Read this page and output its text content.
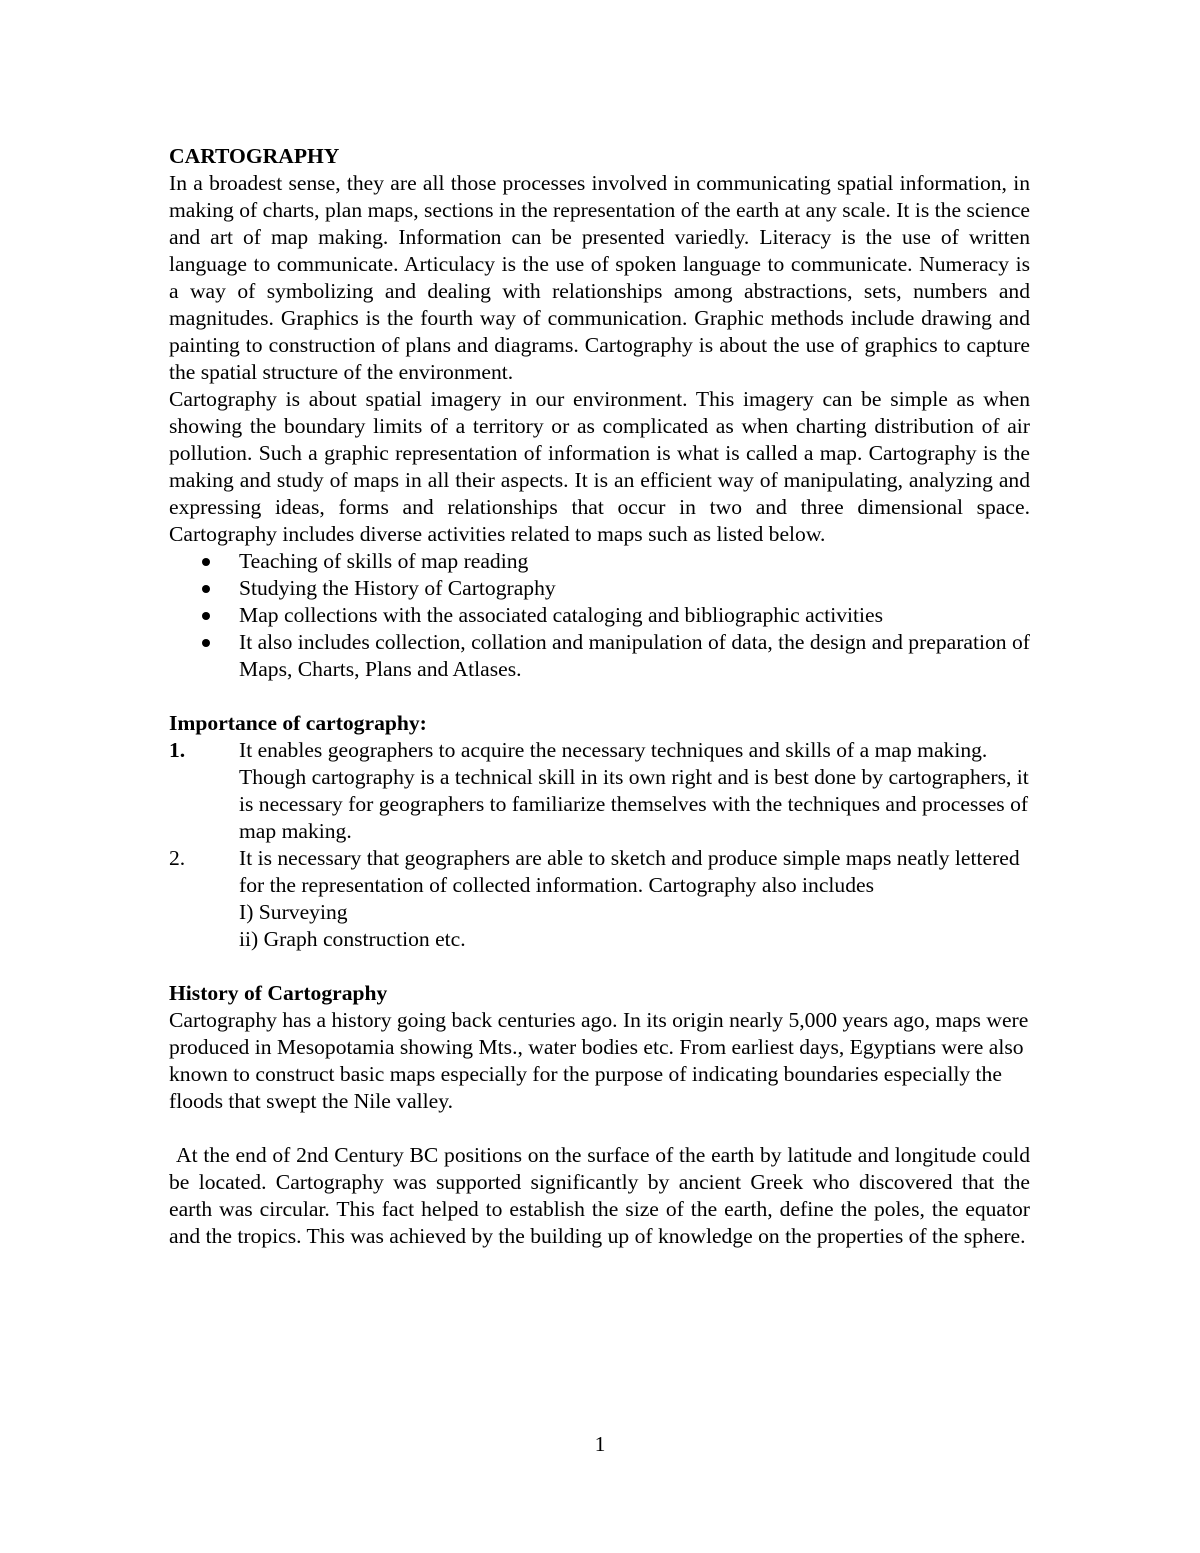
CARTOGRAPHY

In a broadest sense, they are all those processes involved in communicating spatial information, in making of charts, plan maps, sections in the representation of the earth at any scale. It is the science and art of map making. Information can be presented variedly. Literacy is the use of written language to communicate. Articulacy is the use of spoken language to communicate. Numeracy is a way of symbolizing and dealing with relationships among abstractions, sets, numbers and magnitudes. Graphics is the fourth way of communication. Graphic methods include drawing and painting to construction of plans and diagrams. Cartography is about the use of graphics to capture the spatial structure of the environment.

Cartography is about spatial imagery in our environment. This imagery can be simple as when showing the boundary limits of a territory or as complicated as when charting distribution of air pollution. Such a graphic representation of information is what is called a map. Cartography is the making and study of maps in all their aspects. It is an efficient way of manipulating, analyzing and expressing ideas, forms and relationships that occur in two and three dimensional space. Cartography includes diverse activities related to maps such as listed below.

Teaching of skills of map reading
Studying the History of Cartography
Map collections with the associated cataloging and bibliographic activities
It also includes collection, collation and manipulation of data, the design and preparation of Maps, Charts, Plans and Atlases.

Importance of cartography:

1. It enables geographers to acquire the necessary techniques and skills of a map making. Though cartography is a technical skill in its own right and is best done by cartographers, it is necessary for geographers to familiarize themselves with the techniques and processes of map making.
2. It is necessary that geographers are able to sketch and produce simple maps neatly lettered for the representation of collected information. Cartography also includes
I) Surveying
ii) Graph construction etc.

History of Cartography

Cartography has a history going back centuries ago. In its origin nearly 5,000 years ago, maps were produced in Mesopotamia showing Mts., water bodies etc. From earliest days, Egyptians were also known to construct basic maps especially for the purpose of indicating boundaries especially the floods that swept the Nile valley.

At the end of 2nd Century BC positions on the surface of the earth by latitude and longitude could be located. Cartography was supported significantly by ancient Greek who discovered that the earth was circular. This fact helped to establish the size of the earth, define the poles, the equator and the tropics. This was achieved by the building up of knowledge on the properties of the sphere.

1
